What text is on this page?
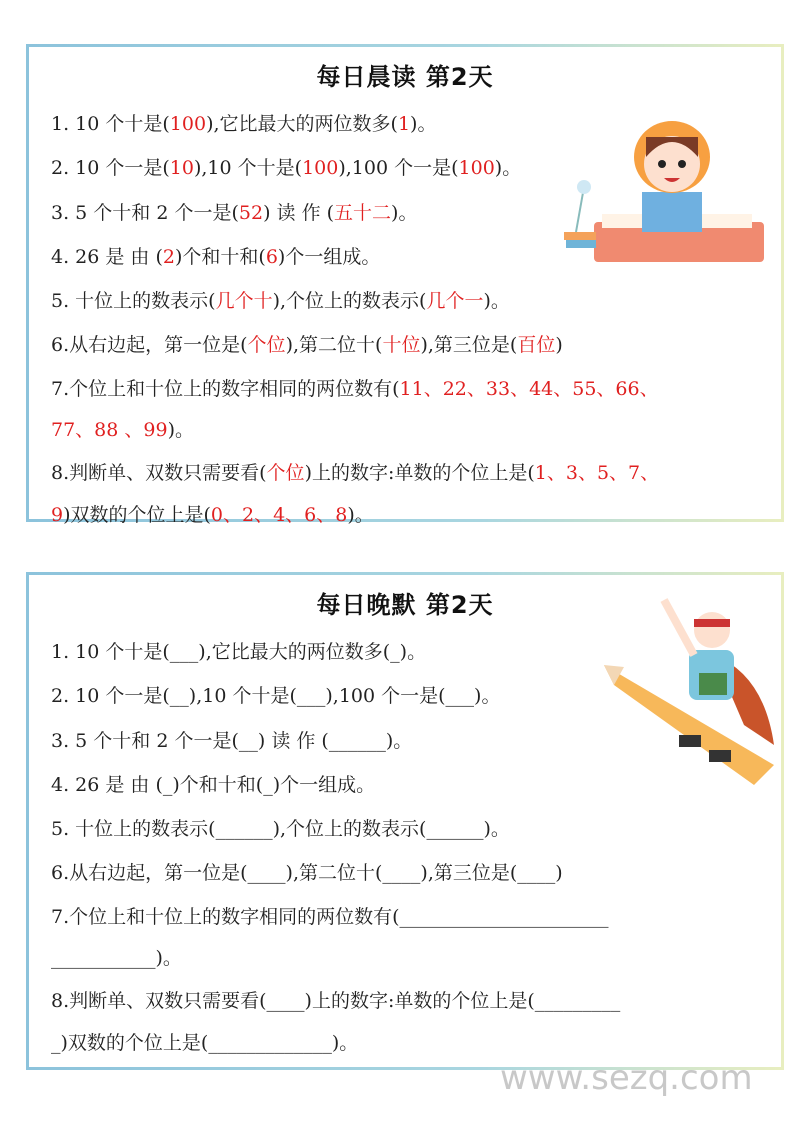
每日晨读 第2天
1. 10 个十是(100),它比最大的两位数多(1)。
2. 10 个一是(10),10 个十是(100),100 个一是(100)。
3. 5 个十和 2 个一是(52) 读 作 (五十二)。
4. 26 是 由 (2)个和十和(6)个一组成。
5. 十位上的数表示(几个十),个位上的数表示(几个一)。
6.从右边起，第一位是(个位),第二位十(十位),第三位是(百位)
7.个位上和十位上的数字相同的两位数有(11、22、33、44、55、66、
77、88 、99)。
8.判断单、双数只需要看(个位)上的数字:单数的个位上是(1、3、5、7、
9)双数的个位上是(0、2、4、6、8)。
每日晚默 第2天
1. 10 个十是(___),它比最大的两位数多(_)。
2. 10 个一是(__),10 个十是(___),100 个一是(___)。
3. 5 个十和 2 个一是(__) 读 作 (______)。
4. 26 是 由 (_)个和十和(_)个一组成。
5. 十位上的数表示(______),个位上的数表示(______)。
6.从右边起，第一位是(____),第二位十(____),第三位是(____)
7.个位上和十位上的数字相同的两位数有(______________________
___________)。
8.判断单、双数只需要看(____)上的数字:单数的个位上是(_________
_)双数的个位上是(_____________)。
www.sezq.com
